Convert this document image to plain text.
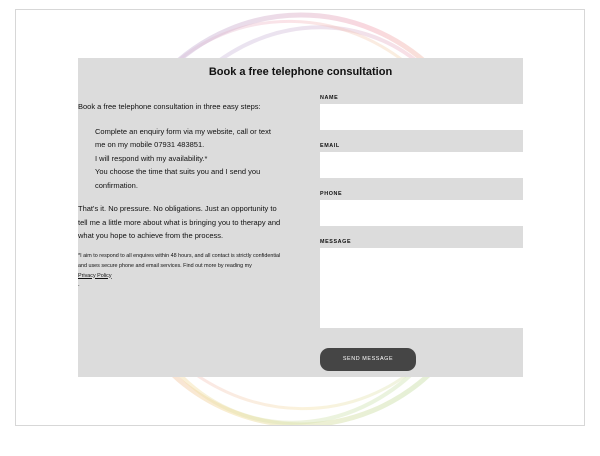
Book a free telephone consultation
Book a free telephone consultation in three easy steps:
Complete an enquiry form via my website, call or text me on my mobile 07931 483851.
I will respond with my availability.*
You choose the time that suits you and I send you confirmation.
That's it. No pressure. No obligations. Just an opportunity to tell me a little more about what is bringing you to therapy and what you hope to achieve from the process.
*I aim to respond to all enquires within 48 hours, and all contact is strictly confidential and uses secure phone and email services. Find out more by reading my
Privacy Policy
.
NAME
EMAIL
PHONE
MESSAGE
SEND MESSAGE
